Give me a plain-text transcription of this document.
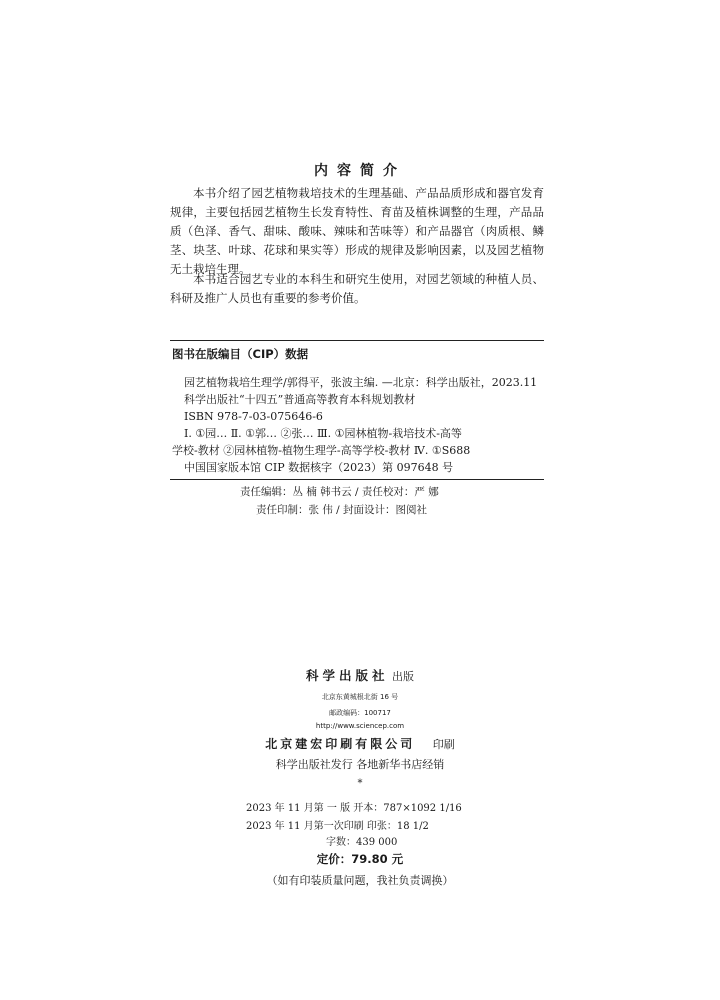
内容简介

本书介绍了园艺植物栽培技术的生理基础、产品品质形成和器官发育规律，主要包括园艺植物生长发育特性、育苗及植株调整的生理，产品品质（色泽、香气、甜味、酸味、辣味和苦味等）和产品器官（肉质根、鳞茎、块茎、叶球、花球和果实等）形成的规律及影响因素，以及园艺植物无土栽培生理。

本书适合园艺专业的本科生和研究生使用，对园艺领域的种植人员、科研及推广人员也有重要的参考价值。

图书在版编目（CIP）数据
园艺植物栽培生理学/郭得平，张波主编. —北京：科学出版社，2023.11
科学出版社“十四五”普通高等教育本科规划教材
ISBN 978-7-03-075646-6
Ⅰ. ①园… Ⅱ. ①郭… ②张… Ⅲ. ①园林植物-栽培技术-高等
学校-教材 ②园林植物-植物生理学-高等学校-教材 Ⅳ. ①S688
中国国家版本馆 CIP 数据核字（2023）第 097648 号
责任编辑：丛 楠 韩书云 / 责任校对：严 娜
责任印制：张 伟 / 封面设计：图阅社
科学出版社 出版
北京东黄城根北街 16 号
邮政编码：100717
http://www.sciencep.com
北京建宏印刷有限公司 印刷
科学出版社发行 各地新华书店经销
*
2023 年 11 月第 一 版 开本：787×1092 1/16
2023 年 11 月第一次印刷 印张：18 1/2
字数：439 000
定价：79.80 元
（如有印装质量问题，我社负责调换）
